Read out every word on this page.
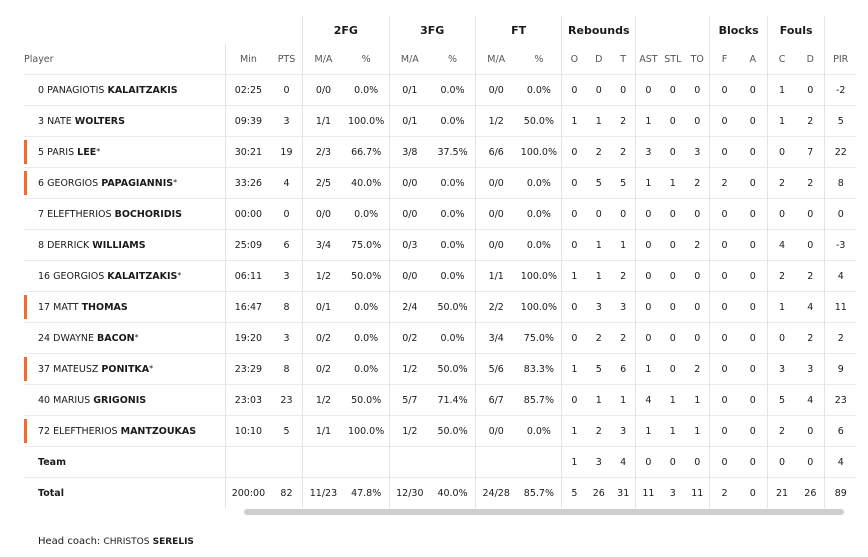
			2FG		3FG		FT		Rebounds						Blocks		Fouls		
Player	Min	PTS	M/A	%	M/A	%	M/A	%	O	D	T	AST	STL	TO	F	A	C	D	PIR
0 PANAGIOTIS KALAITZAKIS	02:25	0	0/0	0.0%	0/1	0.0%	0/0	0.0%	0	0	0	0	0	0	0	0	1	0	-2
3 NATE WOLTERS	09:39	3	1/1	100.0%	0/1	0.0%	1/2	50.0%	1	1	2	1	0	0	0	0	1	2	5

5 PARIS LEE*	30:21	19	2/3	66.7%	3/8	37.5%	6/6	100.0%	0	2	2	3	0	3	0	0	0	7	22

6 GEORGIOS PAPAGIANNIS*	33:26	4	2/5	40.0%	0/0	0.0%	0/0	0.0%	0	5	5	1	1	2	2	0	2	2	8
7 ELEFTHERIOS BOCHORIDIS	00:00	0	0/0	0.0%	0/0	0.0%	0/0	0.0%	0	0	0	0	0	0	0	0	0	0	0
8 DERRICK WILLIAMS	25:09	6	3/4	75.0%	0/3	0.0%	0/0	0.0%	0	1	1	0	0	2	0	0	4	0	-3
16 GEORGIOS KALAITZAKIS*	06:11	3	1/2	50.0%	0/0	0.0%	1/1	100.0%	1	1	2	0	0	0	0	0	2	2	4

17 MATT THOMAS	16:47	8	0/1	0.0%	2/4	50.0%	2/2	100.0%	0	3	3	0	0	0	0	0	1	4	11
24 DWAYNE BACON*	19:20	3	0/2	0.0%	0/2	0.0%	3/4	75.0%	0	2	2	0	0	0	0	0	0	2	2

37 MATEUSZ PONITKA*	23:29	8	0/2	0.0%	1/2	50.0%	5/6	83.3%	1	5	6	1	0	2	0	0	3	3	9
40 MARIUS GRIGONIS	23:03	23	1/2	50.0%	5/7	71.4%	6/7	85.7%	0	1	1	4	1	1	0	0	5	4	23

72 ELEFTHERIOS MANTZOUKAS	10:10	5	1/1	100.0%	1/2	50.0%	0/0	0.0%	1	2	3	1	1	1	0	0	2	0	6
Team									1	3	4	0	0	0	0	0	0	0	4
Total	200:00	82	11/23	47.8%	12/30	40.0%	24/28	85.7%	5	26	31	11	3	11	2	0	21	26	89
Head coach: CHRISTOS SERELIS
